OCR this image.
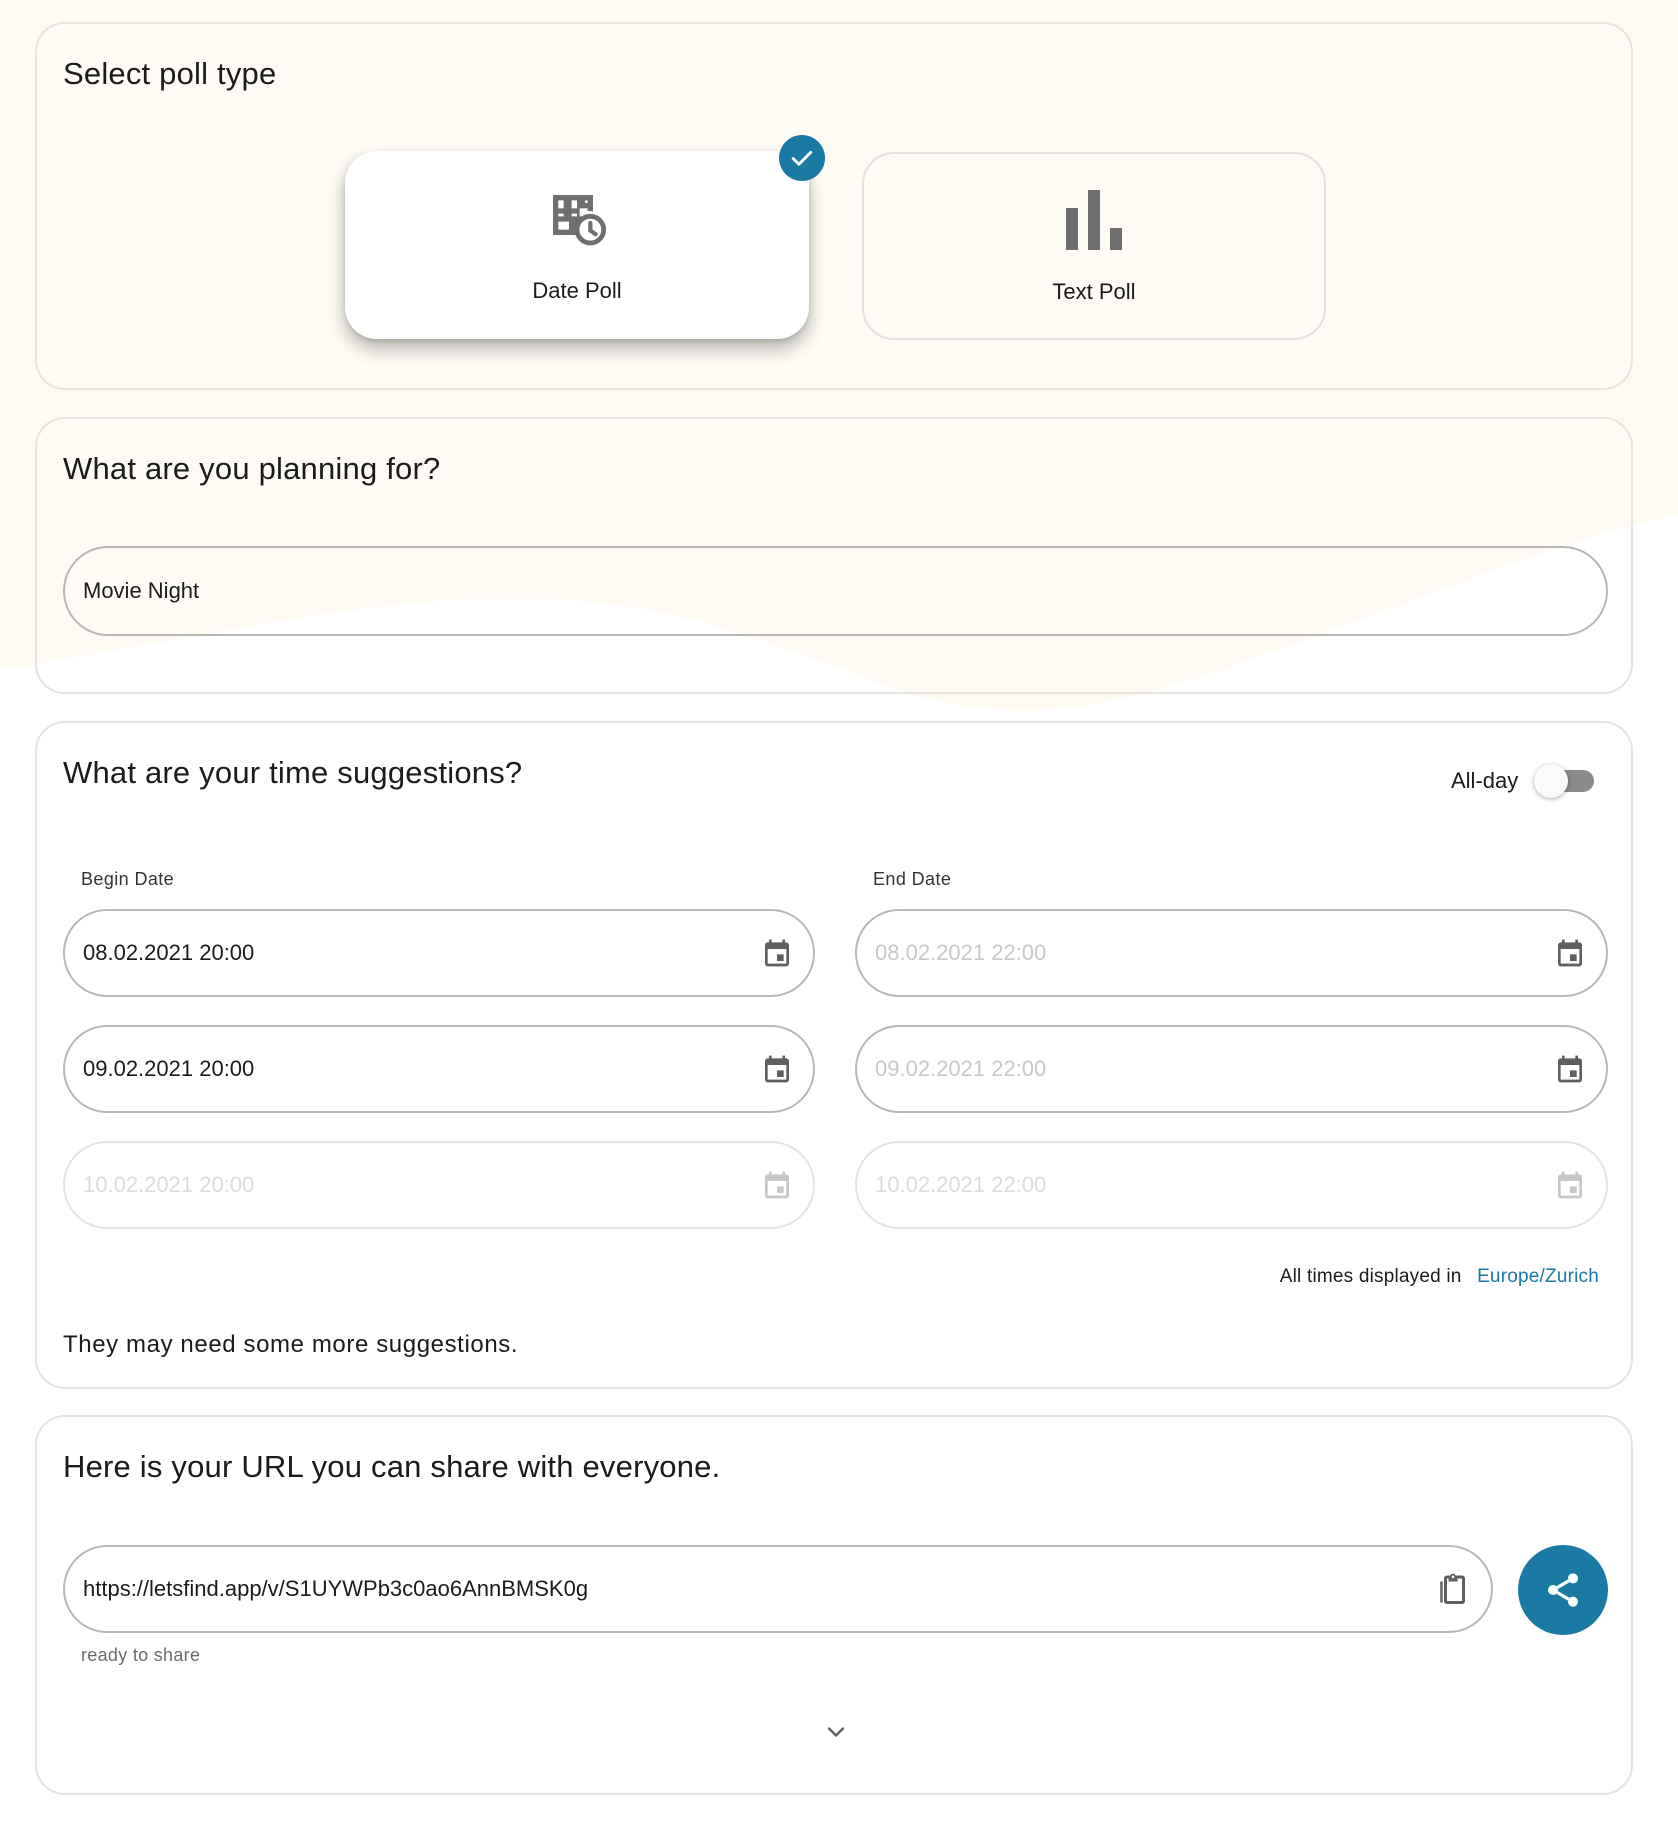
Select poll type
Date Poll	Text Poll
What are you planning for?
Movie Night
What are your time suggestions?	All-day
Begin Date	End Date
08.02.2021 20:00	08.02.2021 22:00
09.02.2021 20:00	09.02.2021 22:00
10.02.2021 20:00	10.02.2021 22:00
All times displayed in Europe/Zurich
They may need some more suggestions.
Here is your URL you can share with everyone.
https://letsfind.app/v/S1UYWPb3c0ao6AnnBMSK0g
ready to share
